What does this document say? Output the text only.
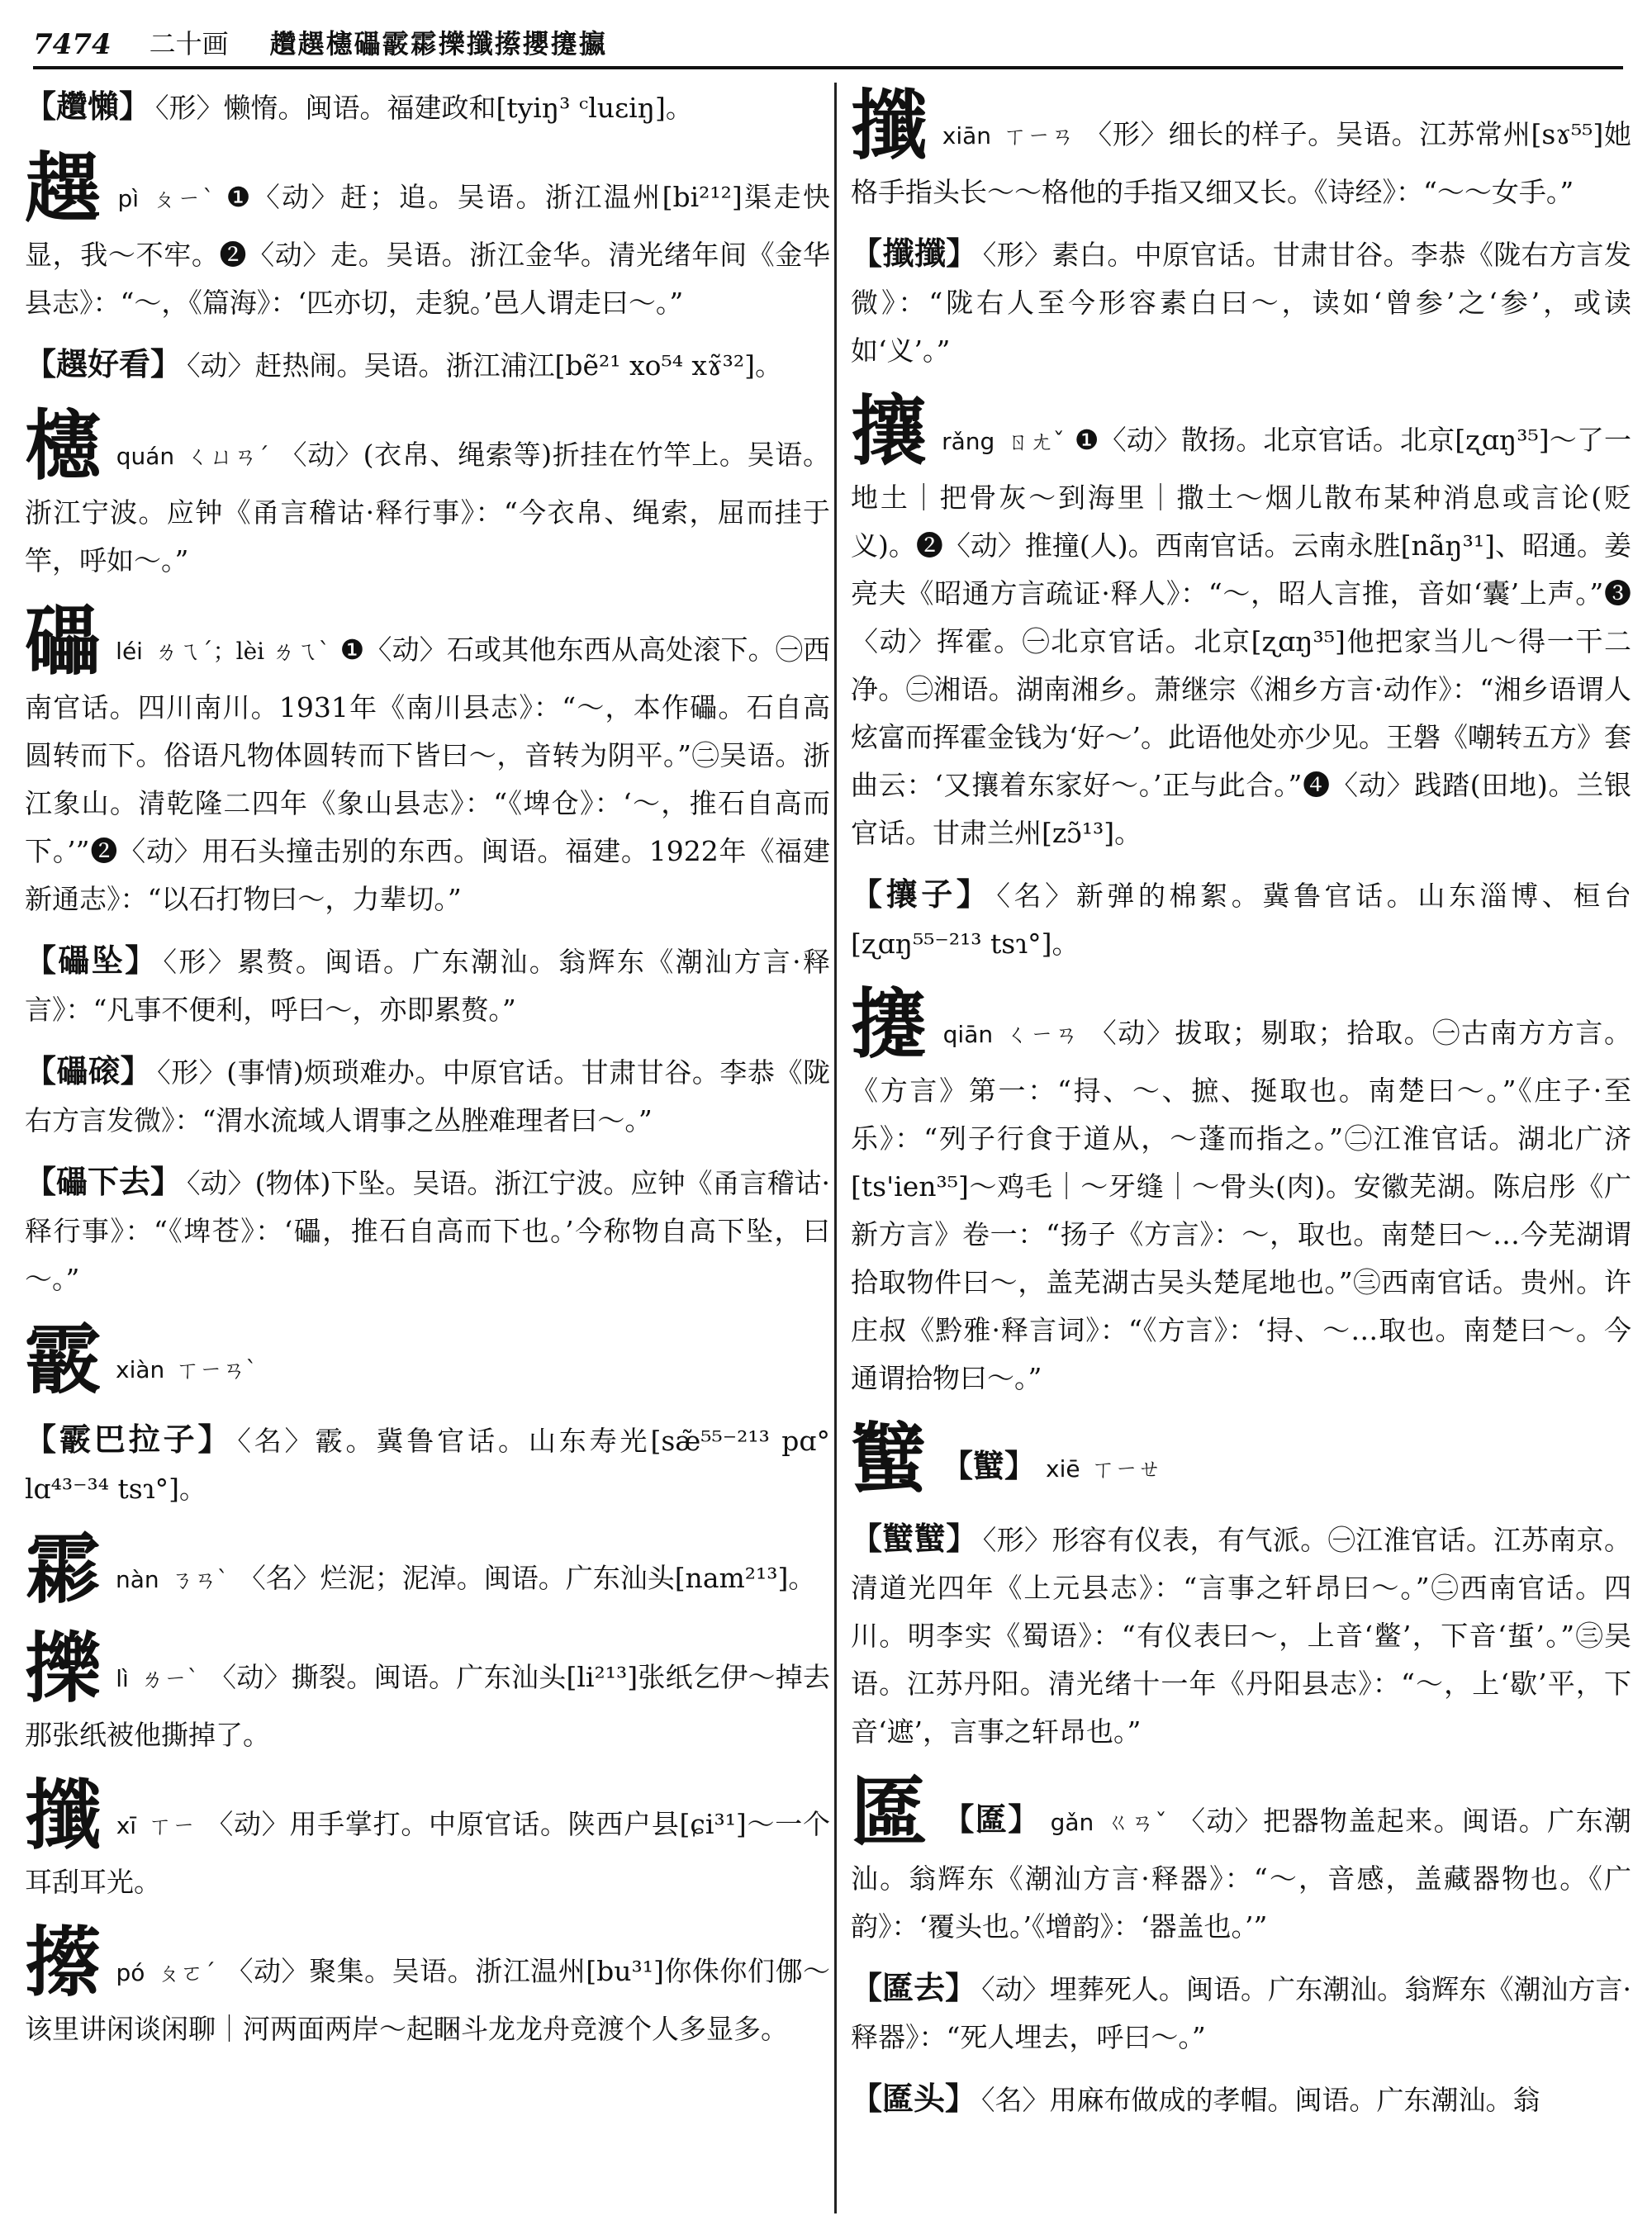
7474 二十画 趲趩櫶礧霰霦擽攕攃攖攓攍

【趲懶】 〈形〉懒惰。闽语。福建政和[tyiŋ³ ᶜluɛiŋ]。

趩pì ㄆㄧˋ ❶〈动〉赶；追。吴语。浙江温州[bi²¹²]渠走快显，我～不牢。❷〈动〉走。吴语。浙江金华。清光绪年间《金华县志》：“～，《篇海》：‘匹亦切，走貌。’邑人谓走曰～。”

【趩好看】 〈动〉赶热闹。吴语。浙江浦江[bẽ²¹ xo⁵⁴ xɤ̃³²]。

櫶quán ㄑㄩㄢˊ 〈动〉(衣帛、绳索等)折挂在竹竿上。吴语。浙江宁波。应钟《甬言稽诂·释行事》：“今衣帛、绳索，屈而挂于竿，呼如～。”

礧léi ㄌㄟˊ；lèi ㄌㄟˋ ❶〈动〉石或其他东西从高处滚下。㊀西南官话。四川南川。1931年《南川县志》：“～，本作礧。石自高圆转而下。俗语凡物体圆转而下皆曰～，音转为阴平。”㊁吴语。浙江象山。清乾隆二四年《象山县志》：“《埤仓》：‘～，推石自高而下。’”❷〈动〉用石头撞击别的东西。闽语。福建。1922年《福建新通志》：“以石打物曰～，力辈切。”

【礧坠】 〈形〉累赘。闽语。广东潮汕。翁辉东《潮汕方言·释言》：“凡事不便利，呼曰～，亦即累赘。”

【礧磙】 〈形〉(事情)烦琐难办。中原官话。甘肃甘谷。李恭《陇右方言发微》：“渭水流域人谓事之丛脞难理者曰～。”

【礧下去】 〈动〉(物体)下坠。吴语。浙江宁波。应钟《甬言稽诂·释行事》：“《埤苍》：‘礧，推石自高而下也。’今称物自高下坠，曰～。”

霰xiàn ㄒㄧㄢˋ

【霰巴拉子】 〈名〉霰。冀鲁官话。山东寿光[sæ̃⁵⁵⁻²¹³ pɑ° lɑ⁴³⁻³⁴ tsɿ°]。

霦nàn ㄋㄢˋ 〈名〉烂泥；泥淖。闽语。广东汕头[nam²¹³]。

擽lì ㄌㄧˋ 〈动〉撕裂。闽语。广东汕头[li²¹³]张纸乞伊～掉去那张纸被他撕掉了。

攕xī ㄒㄧ 〈动〉用手掌打。中原官话。陕西户县[ɕi³¹]～一个耳刮耳光。

攃pó ㄆㄛˊ 〈动〉聚集。吴语。浙江温州[bu³¹]你侏你们㑚～该里讲闲谈闲聊｜河两面两岸～起睏斗龙龙舟竞渡个人多显多。

攕xiān ㄒㄧㄢ 〈形〉细长的样子。吴语。江苏常州[sɤ⁵⁵]她格手指头长～～格他的手指又细又长。《诗经》：“～～女手。”

【攕攕】 〈形〉素白。中原官话。甘肃甘谷。李恭《陇右方言发微》：“陇右人至今形容素白曰～，读如‘曾参’之‘参’，或读如‘义’。”

攘rǎng ㄖㄤˇ ❶〈动〉散扬。北京官话。北京[ʐɑŋ³⁵]～了一地土｜把骨灰～到海里｜撒土～烟儿散布某种消息或言论(贬义)。❷〈动〉推撞(人)。西南官话。云南永胜[nãŋ³¹]、昭通。姜亮夫《昭通方言疏证·释人》：“～，昭人言推，音如‘囊’上声。”❸〈动〉挥霍。㊀北京官话。北京[ʐɑŋ³⁵]他把家当儿～得一干二净。㊁湘语。湖南湘乡。萧继宗《湘乡方言·动作》：“湘乡语谓人炫富而挥霍金钱为‘好～’。此语他处亦少见。王磐《嘲转五方》套曲云：‘又攘着东家好～。’正与此合。”❹〈动〉践踏(田地)。兰银官话。甘肃兰州[zɔ̃¹³]。

【攘子】 〈名〉新弹的棉絮。冀鲁官话。山东淄博、桓台[ʐɑŋ⁵⁵⁻²¹³ tsɿ°]。

攓qiān ㄑㄧㄢ 〈动〉拔取；剔取；拾取。㊀古南方方言。《方言》第一：“挦、～、摭、挻取也。南楚曰～。”《庄子·至乐》：“列子行食于道从，～蓬而指之。”㊁江淮官话。湖北广济[ts'ien³⁵]～鸡毛｜～牙缝｜～骨头(肉)。安徽芜湖。陈启彤《广新方言》卷一：“扬子《方言》：～，取也。南楚曰～…今芜湖谓拾取物件曰～，盖芜湖古吴头楚尾地也。”㊂西南官话。贵州。许庄叔《黔雅·释言词》：“《方言》：‘挦、～…取也。南楚曰～。今通谓拾物曰～。”

蠥 【蠥】 xiē ㄒㄧㄝ

【蠥蠥】 〈形〉形容有仪表，有气派。㊀江淮官话。江苏南京。清道光四年《上元县志》：“言事之轩昂曰～。”㊁西南官话。四川。明李实《蜀语》：“有仪表曰～，上音‘鳖’，下音‘蜇’。”㊂吴语。江苏丹阳。清光绪十一年《丹阳县志》：“～，上‘歇’平，下音‘遮’，言事之轩昂也。”

匲 【匲】 gǎn ㄍㄢˇ 〈动〉把器物盖起来。闽语。广东潮汕。翁辉东《潮汕方言·释器》：“～，音感，盖藏器物也。《广韵》：‘覆头也。’《增韵》：‘器盖也。’”

【匲去】 〈动〉埋葬死人。闽语。广东潮汕。翁辉东《潮汕方言·释器》：“死人埋去，呼曰～。”

【匲头】 〈名〉用麻布做成的孝帽。闽语。广东潮汕。翁
